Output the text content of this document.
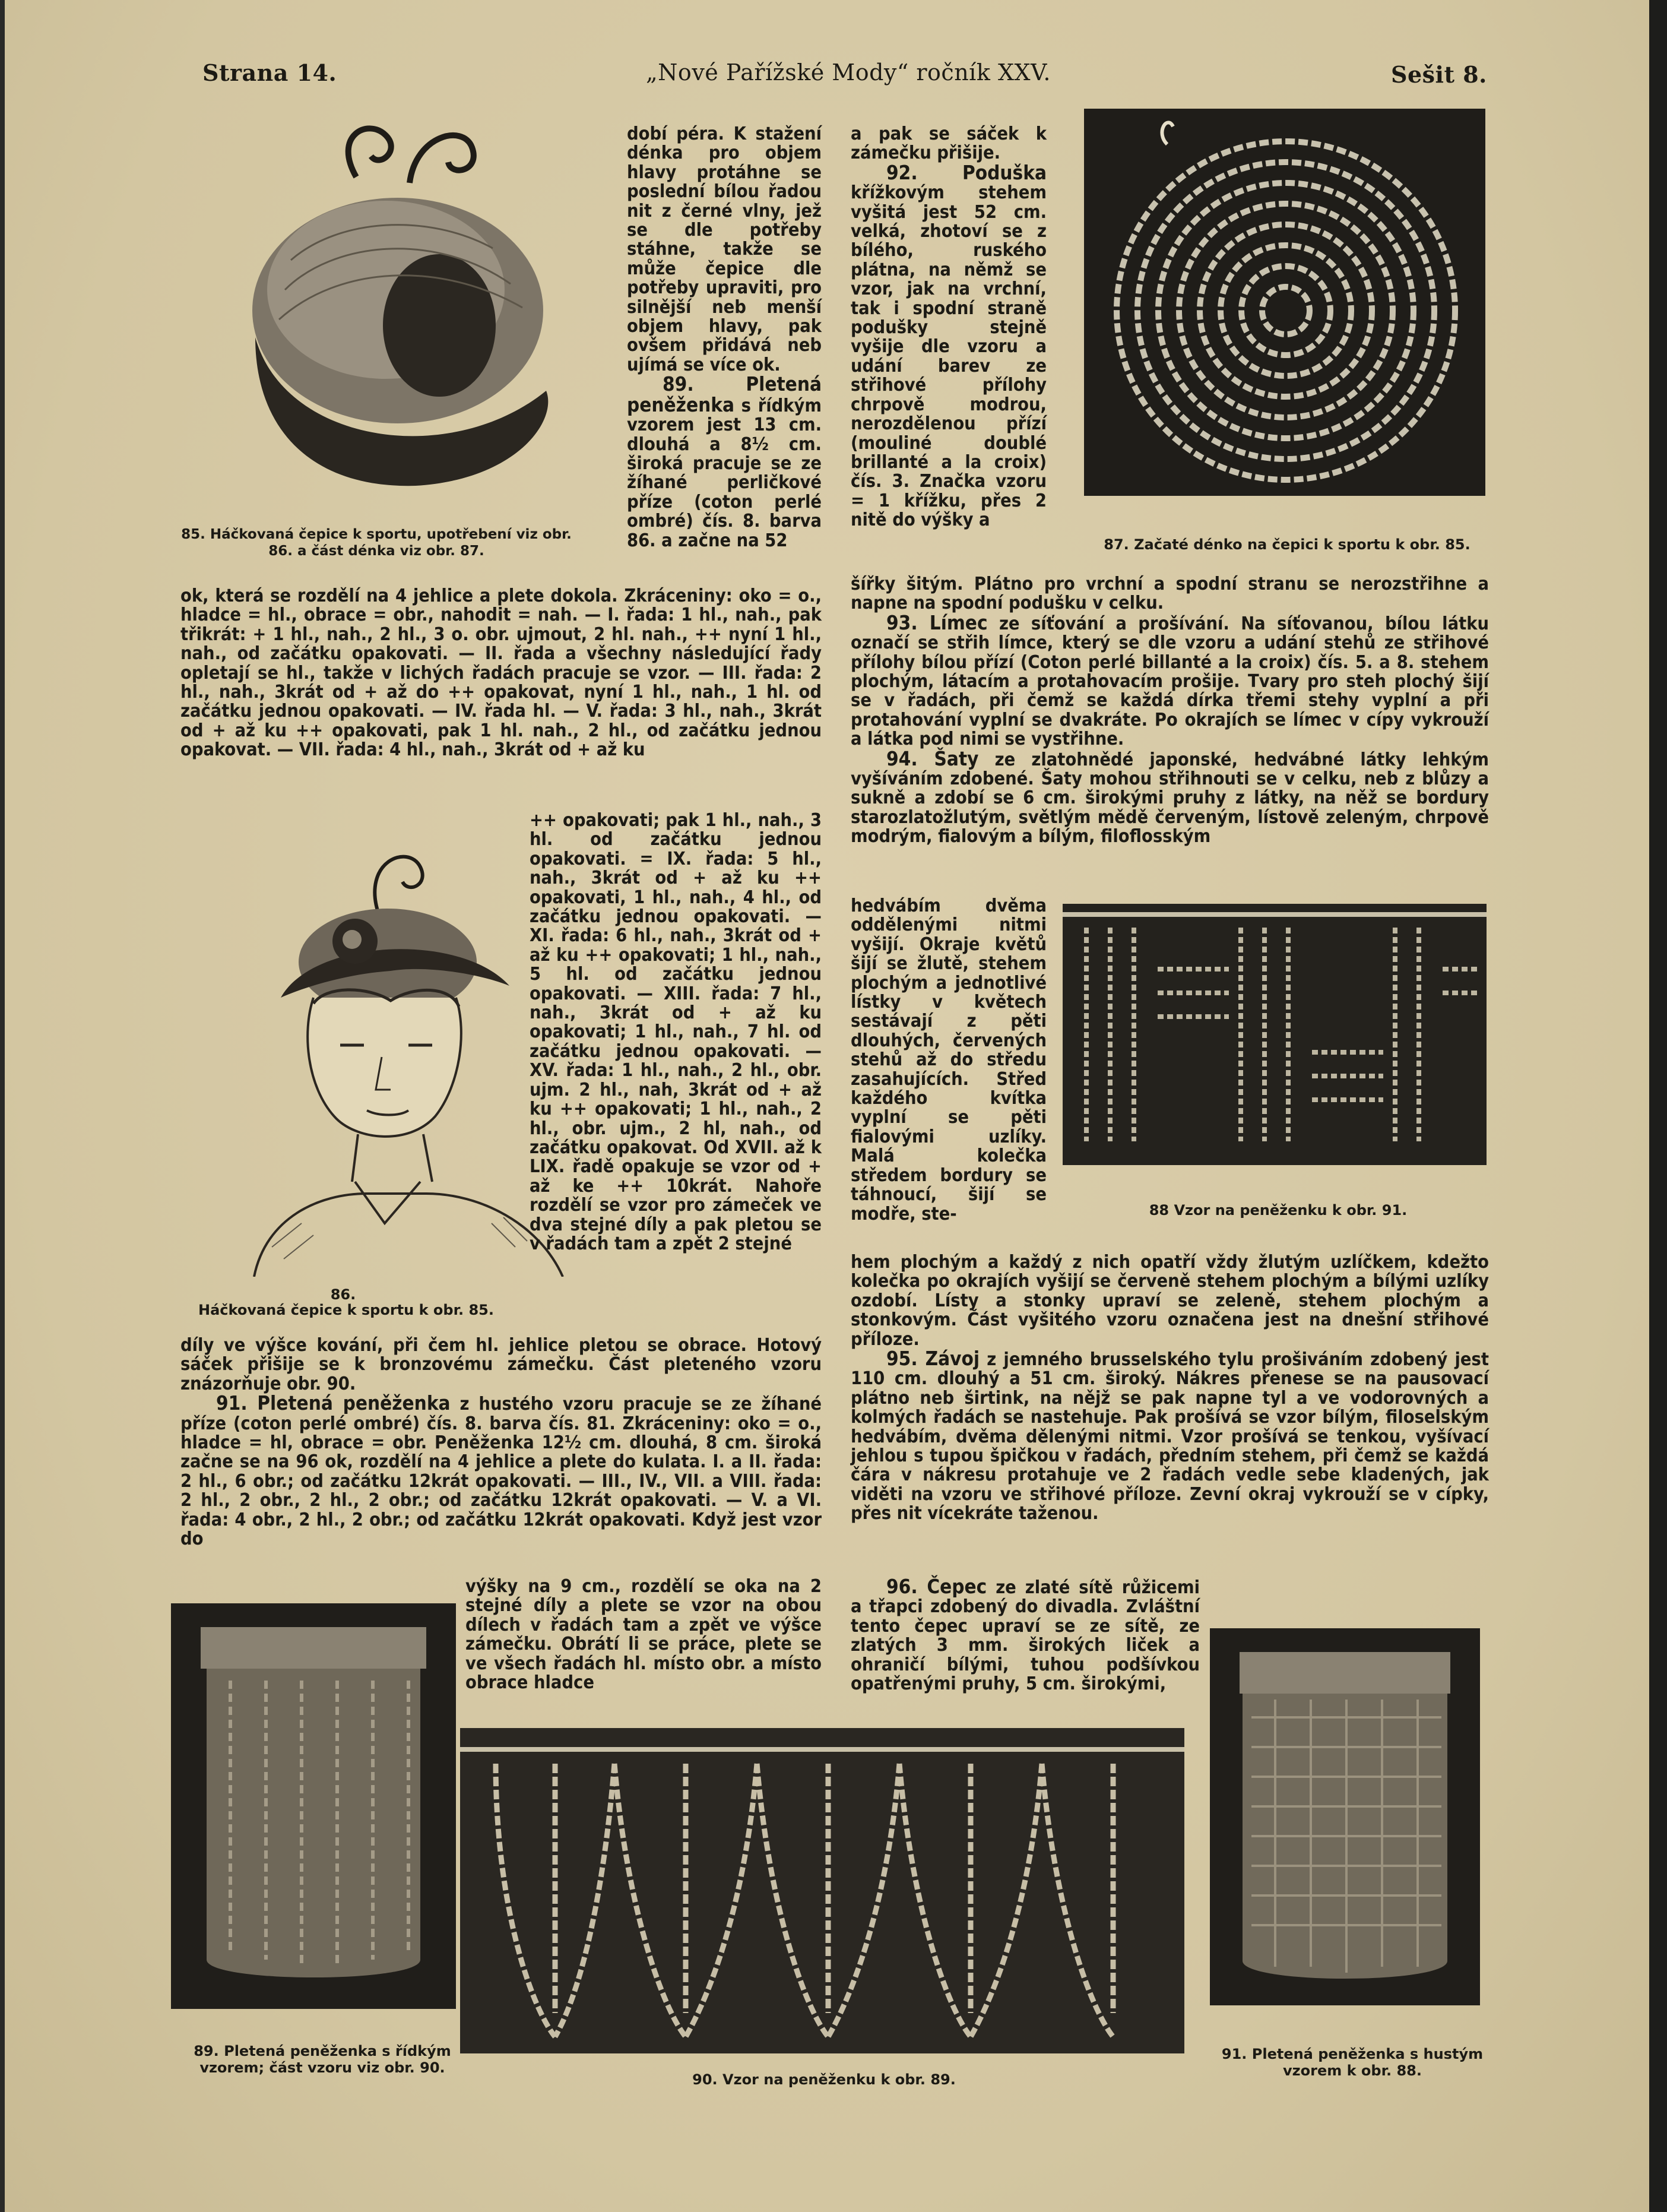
Strana 14.	„Nové Pařížské Mody“ ročník XXV.	Sešit 8.
85. Háčkovaná čepice k sportu, upotřebení viz obr. 86. a část dénka viz obr. 87.
86.
Háčkovaná čepice k sportu k obr. 85.

dobí péra. K stažení dénka pro objem hlavy protáhne se poslední bílou řadou nit z černé vlny, jež se dle potřeby stáhne, takže se může čepice dle potřeby upraviti, pro silnější neb menší objem hlavy, pak ovšem přidává neb ujímá se více ok.

89. Pletená peněženka s řídkým vzorem jest 13 cm. dlouhá a 8½ cm. široká pracuje se ze žíhané perličkové příze (coton perlé ombré) čís. 8. barva 86. a začne na 52

ok, která se rozdělí na 4 jehlice a plete dokola. Zkráceniny: oko = o., hladce = hl., obrace = obr., nahodit = nah. — I. řada: 1 hl., nah., pak třikrát: + 1 hl., nah., 2 hl., 3 o. obr. ujmout, 2 hl. nah., ++ nyní 1 hl., nah., od začátku opakovati. — II. řada a všechny následující řady opletají se hl., takže v lichých řadách pracuje se vzor. — III. řada: 2 hl., nah., 3krát od + až do ++ opakovat, nyní 1 hl., nah., 1 hl. od začátku jednou opakovati. — IV. řada hl. — V. řada: 3 hl., nah., 3krát od + až ku ++ opakovati, pak 1 hl. nah., 2 hl., od začátku jednou opakovat. — VII. řada: 4 hl., nah., 3krát od + až ku
++ opakovati; pak 1 hl., nah., 3 hl. od začátku jednou opakovati. = IX. řada: 5 hl., nah., 3krát od + až ku ++ opakovati, 1 hl., nah., 4 hl., od začátku jednou opakovati. — XI. řada: 6 hl., nah., 3krát od + až ku ++ opakovati; 1 hl., nah., 5 hl. od začátku jednou opakovati. — XIII. řada: 7 hl., nah., 3krát od + až ku opakovati; 1 hl., nah., 7 hl. od začátku jednou opakovati. — XV. řada: 1 hl., nah., 2 hl., obr. ujm. 2 hl., nah, 3krát od + až ku ++ opakovati; 1 hl., nah., 2 hl., obr. ujm., 2 hl, nah., od začátku opakovat. Od XVII. až k LIX. řadě opakuje se vzor od + až ke ++ 10krát. Nahoře rozdělí se vzor pro zámeček ve dva stejné díly a pak pletou se v řadách tam a zpět 2 stejné

díly ve výšce kování, při čem hl. jehlice pletou se obrace. Hotový sáček přišije se k bronzovému zámečku. Část pleteného vzoru znázorňuje obr. 90.

91. Pletená peněženka z hustého vzoru pracuje se ze žíhané příze (coton perlé ombré) čís. 8. barva čís. 81. Zkráceniny: oko = o., hladce = hl, obrace = obr. Peněženka 12½ cm. dlouhá, 8 cm. široká začne se na 96 ok, rozdělí na 4 jehlice a plete do kulata. I. a II. řada: 2 hl., 6 obr.; od začátku 12krát opakovati. — III., IV., VII. a VIII. řada: 2 hl., 2 obr., 2 hl., 2 obr.; od začátku 12krát opakovati. — V. a VI. řada: 4 obr., 2 hl., 2 obr.; od začátku 12krát opakovati. Když jest vzor do

výšky na 9 cm., rozdělí se oka na 2 stejné díly a plete se vzor na obou dílech v řadách tam a zpět ve výšce zámečku. Obrátí li se práce, plete se ve všech řadách hl. místo obr. a místo obrace hladce
87. Začaté dénko na čepici k sportu k obr. 85.

a pak se sáček k zámečku přišije.

92. Poduška křížkovým stehem vyšitá jest 52 cm. velká, zhotoví se z bílého, ruského plátna, na němž se vzor, jak na vrchní, tak i spodní straně podušky stejně vyšije dle vzoru a udání barev ze střihové přílohy chrpově modrou, nerozdělenou přízí (mouliné doublé brillanté a la croix) čís. 3. Značka vzoru = 1 křížku, přes 2 nitě do výšky a

šířky šitým. Plátno pro vrchní a spodní stranu se nerozstřihne a napne na spodní podušku v celku.

93. Límec ze síťování a prošívání. Na síťovanou, bílou látku označí se střih límce, který se dle vzoru a udání stehů ze střihové přílohy bílou přízí (Coton perlé billanté a la croix) čís. 5. a 8. stehem plochým, látacím a protahovacím prošije. Tvary pro steh plochý šijí se v řadách, při čemž se každá dírka třemi stehy vyplní a při protahování vyplní se dvakráte. Po okrajích se límec v cípy vykrouží a látka pod nimi se vystřihne.

94. Šaty ze zlatohnědé japonské, hedvábné látky lehkým vyšíváním zdobené. Šaty mohou střihnouti se v celku, neb z blůzy a sukně a zdobí se 6 cm. širokými pruhy z látky, na něž se bordury starozlatožlutým, světlým mědě červeným, lístově zeleným, chrpově modrým, fialovým a bílým, filoflosským

88 Vzor na peněženku k obr. 91.
hedvábím dvěma oddělenými nitmi vyšijí. Okraje květů šijí se žlutě, stehem plochým a jednotlivé lístky v květech sestávají z pěti dlouhých, červených stehů až do středu zasahujících. Střed každého kvítka vyplní se pěti fialovými uzlíky. Malá kolečka středem bordury se táhnoucí, šijí se modře, ste-

hem plochým a každý z nich opatří vždy žlutým uzlíčkem, kdežto kolečka po okrajích vyšijí se červeně stehem plochým a bílými uzlíky ozdobí. Lísty a stonky upraví se zeleně, stehem plochým a stonkovým. Část vyšitého vzoru označena jest na dnešní střihové příloze.

95. Závoj z jemného brusselského tylu prošiváním zdobený jest 110 cm. dlouhý a 51 cm. široký. Nákres přenese se na pausovací plátno neb širtink, na nějž se pak napne tyl a ve vodorovných a kolmých řadách se nastehuje. Pak prošívá se vzor bílým, filoselským hedvábím, dvěma dělenými nitmi. Vzor prošívá se tenkou, vyšívací jehlou s tupou špičkou v řadách, předním stehem, při čemž se každá čára v nákresu protahuje ve 2 řadách vedle sebe kladených, jak viděti na vzoru ve střihové příloze. Zevní okraj vykrouží se v cípky, přes nit vícekráte taženou.

96. Čepec ze zlaté sítě růžicemi a třapci zdobený do divadla. Zvláštní tento čepec upraví se ze sítě, ze zlatých 3 mm. širokých liček a ohraničí bílými, tuhou podšívkou opatřenými pruhy, 5 cm. širokými,

89. Pletená peněženka s řídkým vzorem; část vzoru viz obr. 90.
90. Vzor na peněženku k obr. 89.
91. Pletená peněženka s hustým vzorem k obr. 88.
